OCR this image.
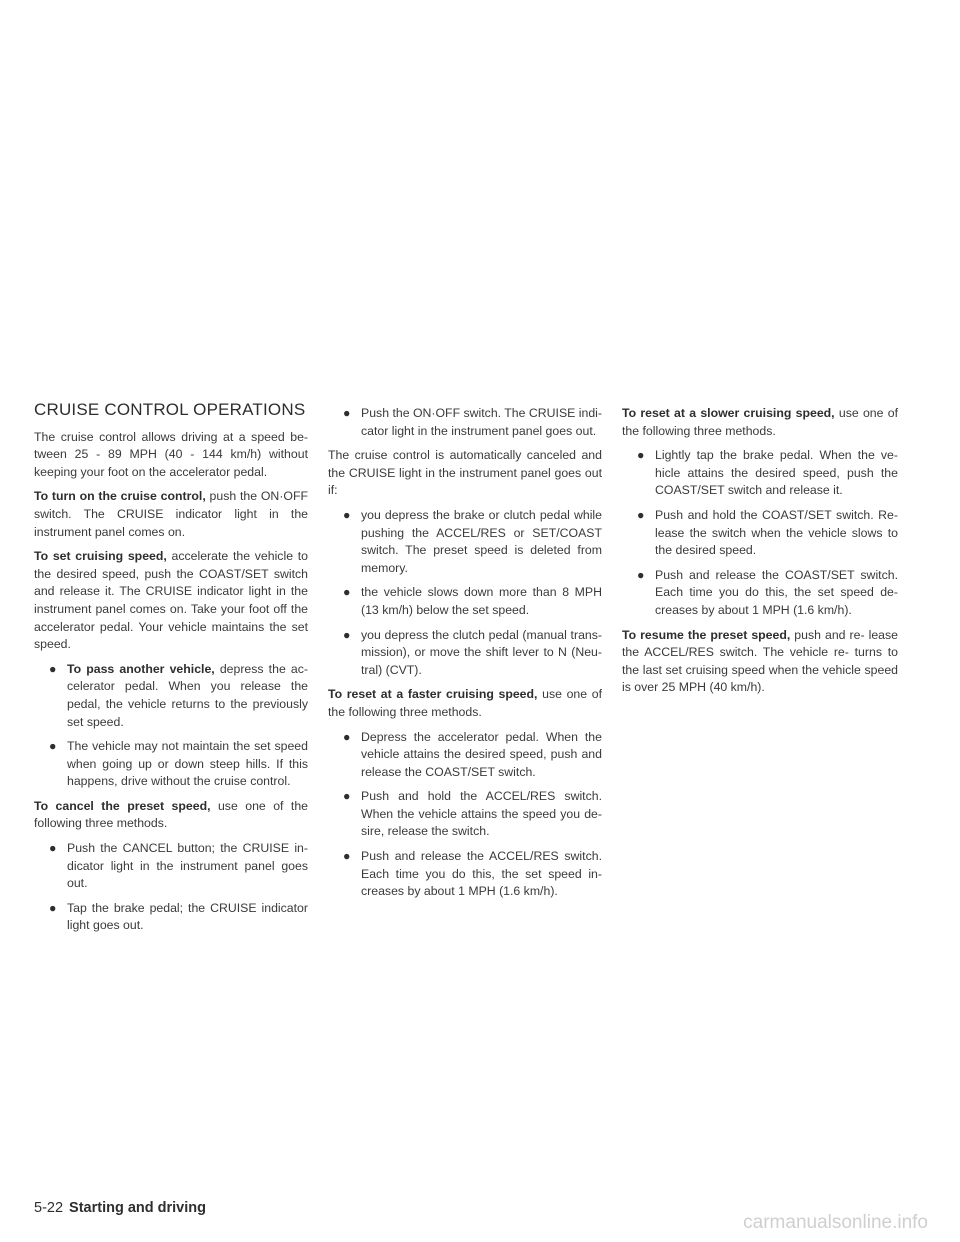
CRUISE CONTROL OPERATIONS

The cruise control allows driving at a speed be- tween 25 - 89 MPH (40 - 144 km/h) without keeping your foot on the accelerator pedal.

To turn on the cruise control, push the ON·OFF switch. The CRUISE indicator light in the instrument panel comes on.

To set cruising speed, accelerate the vehicle to the desired speed, push the COAST/SET switch and release it. The CRUISE indicator light in the instrument panel comes on. Take your foot off the accelerator pedal. Your vehicle maintains the set speed.

● To pass another vehicle, depress the ac- celerator pedal. When you release the pedal, the vehicle returns to the previously set speed.
● The vehicle may not maintain the set speed when going up or down steep hills. If this happens, drive without the cruise control.

To cancel the preset speed, use one of the following three methods.

● Push the CANCEL button; the CRUISE in- dicator light in the instrument panel goes out.
● Tap the brake pedal; the CRUISE indicator light goes out.
● Push the ON·OFF switch. The CRUISE indi- cator light in the instrument panel goes out.

The cruise control is automatically canceled and the CRUISE light in the instrument panel goes out if:

● you depress the brake or clutch pedal while pushing the ACCEL/RES or SET/COAST switch. The preset speed is deleted from memory.
● the vehicle slows down more than 8 MPH (13 km/h) below the set speed.
● you depress the clutch pedal (manual trans- mission), or move the shift lever to N (Neu- tral) (CVT).

To reset at a faster cruising speed, use one of the following three methods.

● Depress the accelerator pedal. When the vehicle attains the desired speed, push and release the COAST/SET switch.
● Push and hold the ACCEL/RES switch. When the vehicle attains the speed you de- sire, release the switch.
● Push and release the ACCEL/RES switch. Each time you do this, the set speed in- creases by about 1 MPH (1.6 km/h).

To reset at a slower cruising speed, use one of the following three methods.

● Lightly tap the brake pedal. When the ve- hicle attains the desired speed, push the COAST/SET switch and release it.
● Push and hold the COAST/SET switch. Re- lease the switch when the vehicle slows to the desired speed.
● Push and release the COAST/SET switch. Each time you do this, the set speed de- creases by about 1 MPH (1.6 km/h).

To resume the preset speed, push and re- lease the ACCEL/RES switch. The vehicle re- turns to the last set cruising speed when the vehicle speed is over 25 MPH (40 km/h).

5-22 Starting and driving
carmanualsonline.info
